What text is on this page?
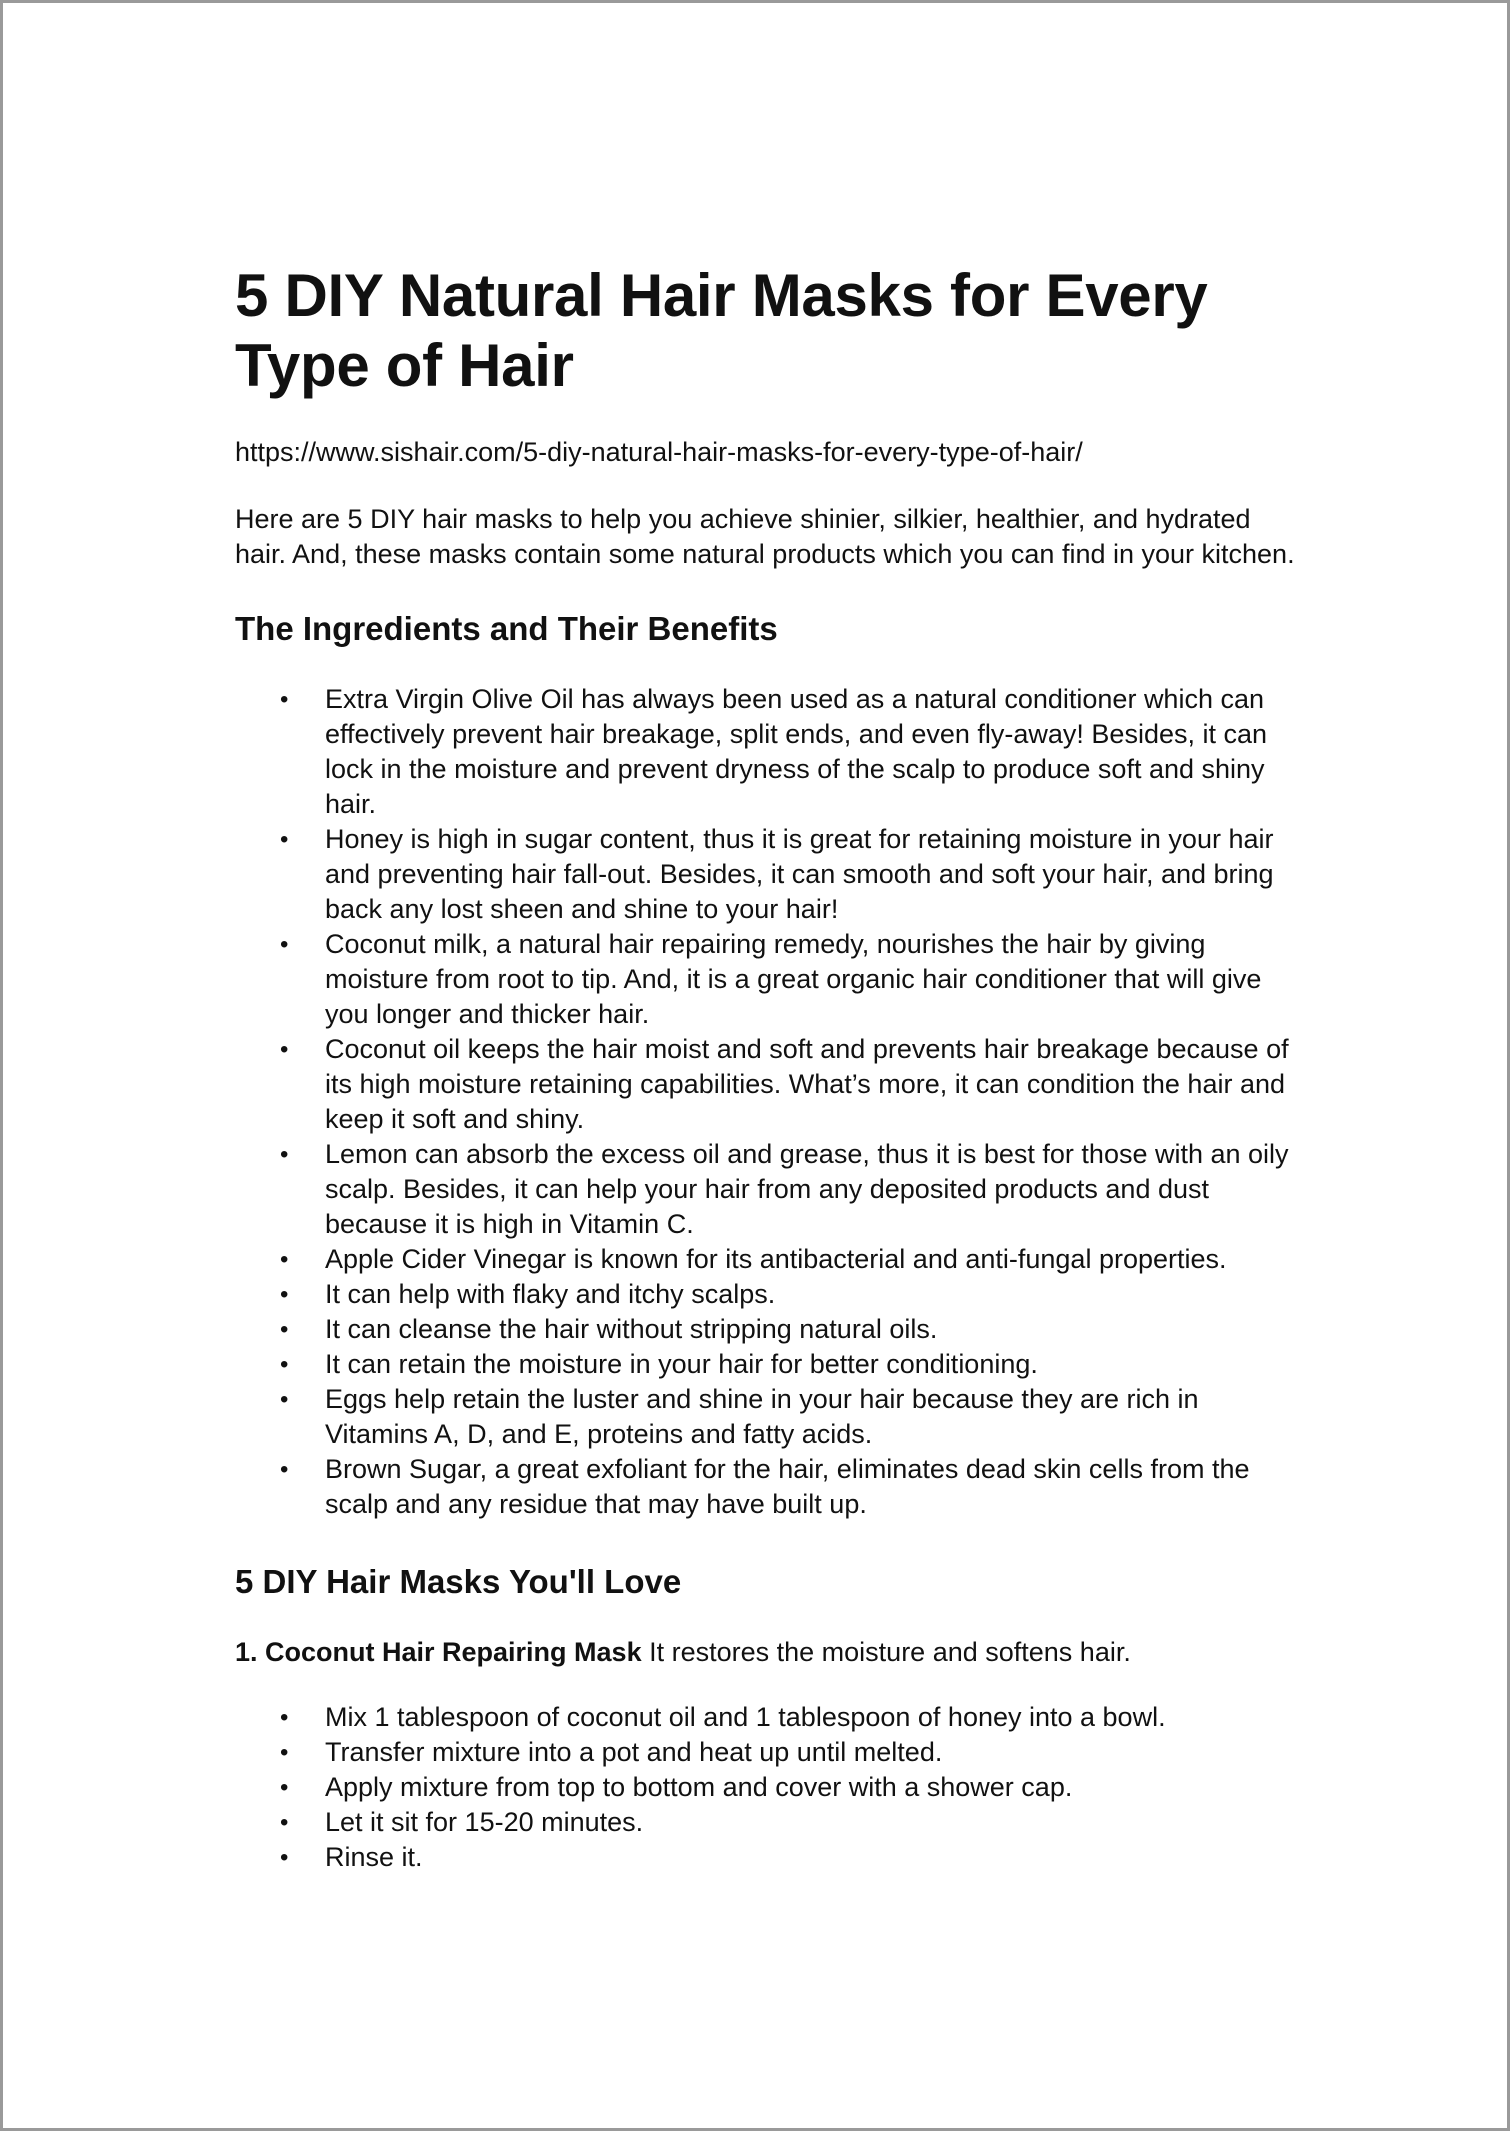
5 DIY Natural Hair Masks for Every Type of Hair
https://www.sishair.com/5-diy-natural-hair-masks-for-every-type-of-hair/
Here are 5 DIY hair masks to help you achieve shinier, silkier, healthier, and hydrated hair. And, these masks contain some natural products which you can find in your kitchen.
The Ingredients and Their Benefits
• Extra Virgin Olive Oil has always been used as a natural conditioner which can effectively prevent hair breakage, split ends, and even fly-away! Besides, it can lock in the moisture and prevent dryness of the scalp to produce soft and shiny hair.
• Honey is high in sugar content, thus it is great for retaining moisture in your hair and preventing hair fall-out. Besides, it can smooth and soft your hair, and bring back any lost sheen and shine to your hair!
• Coconut milk, a natural hair repairing remedy, nourishes the hair by giving moisture from root to tip. And, it is a great organic hair conditioner that will give you longer and thicker hair.
• Coconut oil keeps the hair moist and soft and prevents hair breakage because of its high moisture retaining capabilities. What’s more, it can condition the hair and keep it soft and shiny.
• Lemon can absorb the excess oil and grease, thus it is best for those with an oily scalp. Besides, it can help your hair from any deposited products and dust because it is high in Vitamin C.
• Apple Cider Vinegar is known for its antibacterial and anti-fungal properties.
• It can help with flaky and itchy scalps.
• It can cleanse the hair without stripping natural oils.
• It can retain the moisture in your hair for better conditioning.
• Eggs help retain the luster and shine in your hair because they are rich in Vitamins A, D, and E, proteins and fatty acids.
• Brown Sugar, a great exfoliant for the hair, eliminates dead skin cells from the scalp and any residue that may have built up.
5 DIY Hair Masks You'll Love
1. Coconut Hair Repairing Mask It restores the moisture and softens hair.
• Mix 1 tablespoon of coconut oil and 1 tablespoon of honey into a bowl.
• Transfer mixture into a pot and heat up until melted.
• Apply mixture from top to bottom and cover with a shower cap.
• Let it sit for 15-20 minutes.
• Rinse it.
